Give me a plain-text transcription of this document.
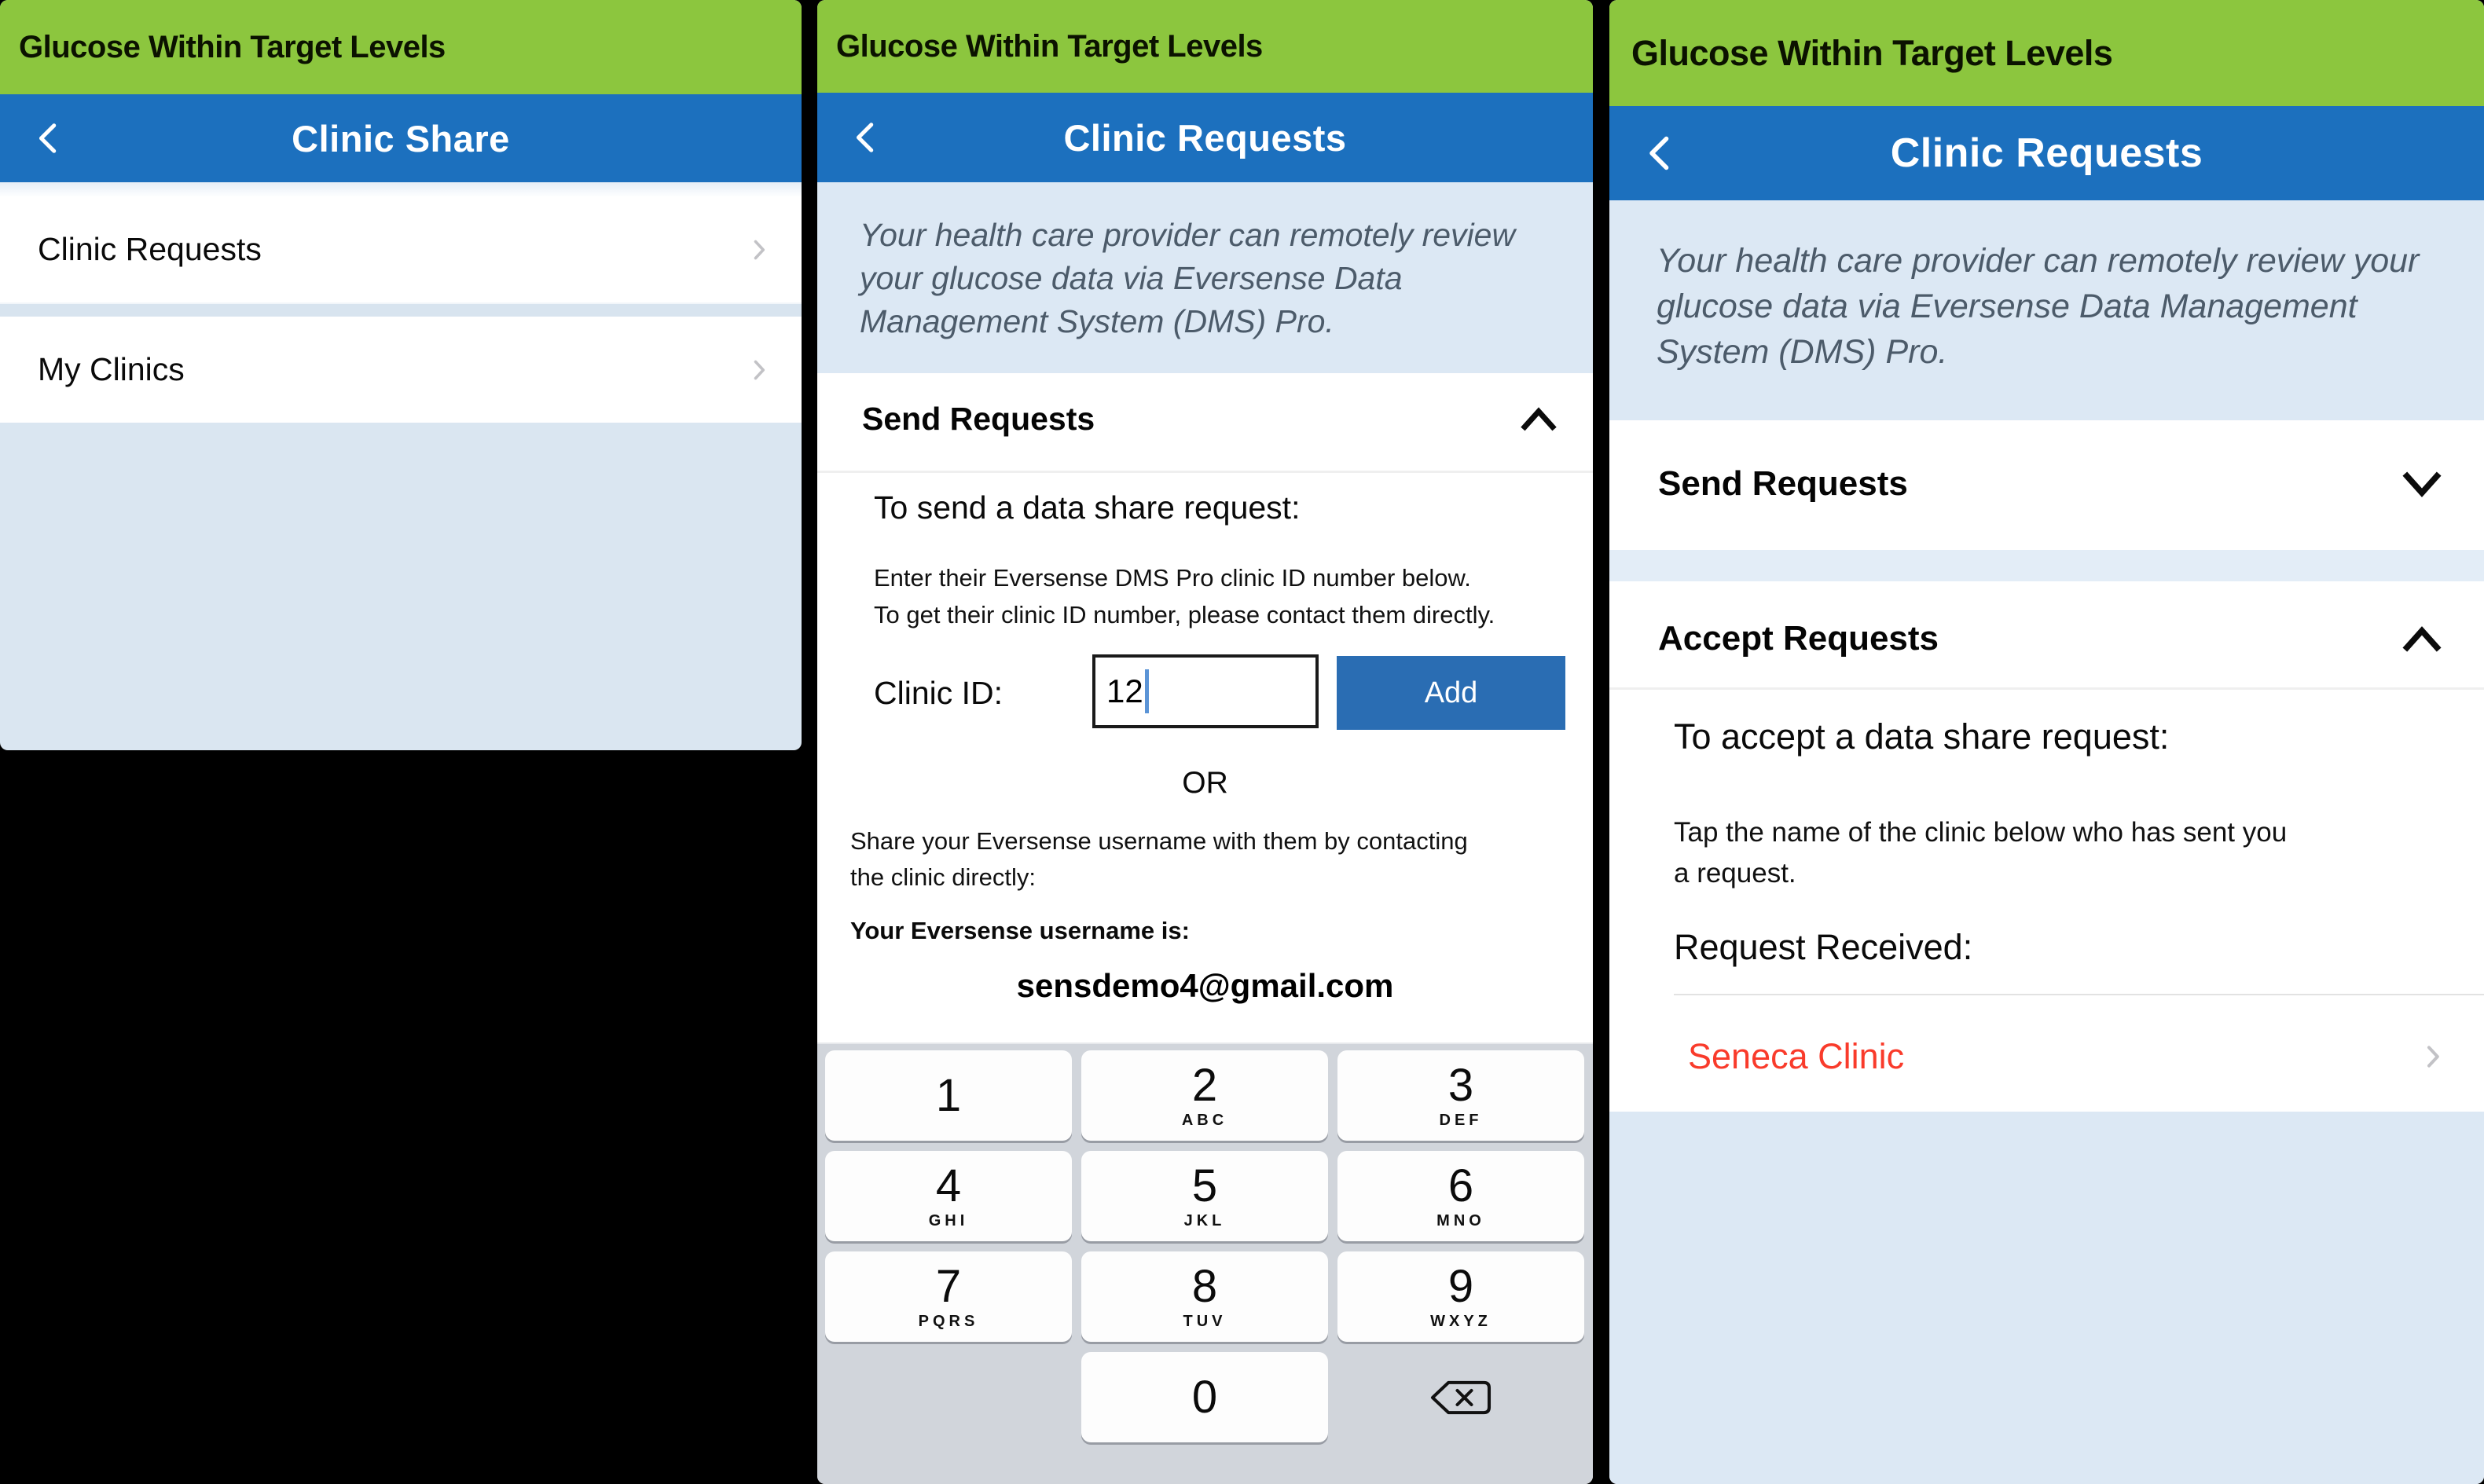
Glucose Within Target Levels
Clinic Share
Clinic Requests
My Clinics
Glucose Within Target Levels
Clinic Requests
Your health care provider can remotely review your glucose data via Eversense Data Management System (DMS) Pro.
Send Requests
To send a data share request:
Enter their Eversense DMS Pro clinic ID number below.
To get their clinic ID number, please contact them directly.
Clinic ID:	12	Add
OR
Share your Eversense username with them by contacting
the clinic directly:
Your Eversense username is:
sensdemo4@gmail.com
1	2
ABC
3
DEF
4
GHI
5
JKL
6
MNO
7
PQRS
8
TUV
9
WXYZ
0
Glucose Within Target Levels
Clinic Requests
Your health care provider can remotely review your glucose data via Eversense Data Management System (DMS) Pro.
Send Requests
Accept Requests
To accept a data share request:
Tap the name of the clinic below who has sent you
a request.
Request Received:
Seneca Clinic
